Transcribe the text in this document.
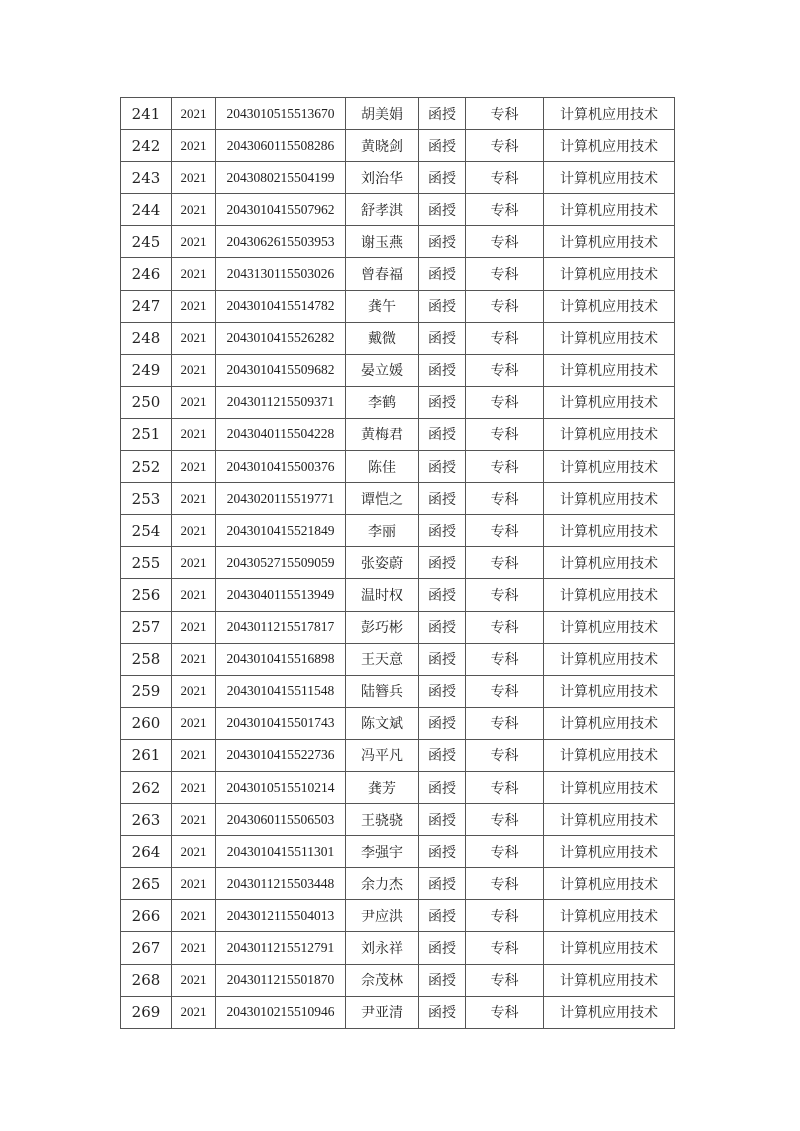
241	2021	2043010515513670	胡美娟	函授	专科	计算机应用技术
242	2021	2043060115508286	黄晓剑	函授	专科	计算机应用技术
243	2021	2043080215504199	刘治华	函授	专科	计算机应用技术
244	2021	2043010415507962	舒孝淇	函授	专科	计算机应用技术
245	2021	2043062615503953	谢玉燕	函授	专科	计算机应用技术
246	2021	2043130115503026	曾春福	函授	专科	计算机应用技术
247	2021	2043010415514782	龚午	函授	专科	计算机应用技术
248	2021	2043010415526282	戴微	函授	专科	计算机应用技术
249	2021	2043010415509682	晏立媛	函授	专科	计算机应用技术
250	2021	2043011215509371	李鹤	函授	专科	计算机应用技术
251	2021	2043040115504228	黄梅君	函授	专科	计算机应用技术
252	2021	2043010415500376	陈佳	函授	专科	计算机应用技术
253	2021	2043020115519771	谭恺之	函授	专科	计算机应用技术
254	2021	2043010415521849	李丽	函授	专科	计算机应用技术
255	2021	2043052715509059	张姿蔚	函授	专科	计算机应用技术
256	2021	2043040115513949	温时权	函授	专科	计算机应用技术
257	2021	2043011215517817	彭巧彬	函授	专科	计算机应用技术
258	2021	2043010415516898	王天意	函授	专科	计算机应用技术
259	2021	2043010415511548	陆簪兵	函授	专科	计算机应用技术
260	2021	2043010415501743	陈文斌	函授	专科	计算机应用技术
261	2021	2043010415522736	冯平凡	函授	专科	计算机应用技术
262	2021	2043010515510214	龚芳	函授	专科	计算机应用技术
263	2021	2043060115506503	王骁骁	函授	专科	计算机应用技术
264	2021	2043010415511301	李强宇	函授	专科	计算机应用技术
265	2021	2043011215503448	余力杰	函授	专科	计算机应用技术
266	2021	2043012115504013	尹应洪	函授	专科	计算机应用技术
267	2021	2043011215512791	刘永祥	函授	专科	计算机应用技术
268	2021	2043011215501870	佘茂林	函授	专科	计算机应用技术
269	2021	2043010215510946	尹亚清	函授	专科	计算机应用技术
